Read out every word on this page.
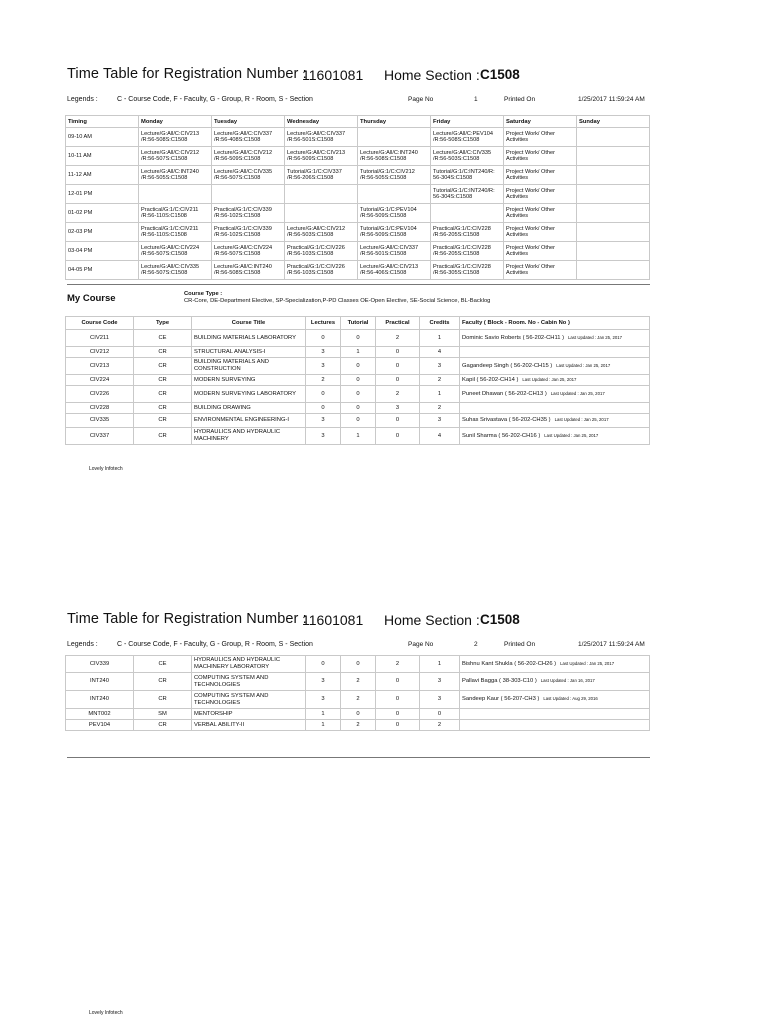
Time Table for Registration Number :
11601081 Home Section : C1508
Legends :	C - Course Code, F - Faculty, G - Group, R - Room, S - Section	Page No	1	Printed On	1/25/2017 11:59:24 AM
Timing	Monday	Tuesday	Wednesday	Thursday	Friday	Saturday	Sunday
09-10 AM	Lecture/G:All/C:CIV213 /R:56-508S:C1508	Lecture/G:All/C:CIV337 /R:56-408S:C1508	Lecture/G:All/C:CIV337 /R:56-501S:C1508		Lecture/G:All/C:PEV104 /R:56-508S:C1508	Project Work/ Other Activities	
10-11 AM	Lecture/G:All/C:CIV212 /R:56-507S:C1508	Lecture/G:All/C:CIV212 /R:56-509S:C1508	Lecture/G:All/C:CIV213 /R:56-509S:C1508	Lecture/G:All/C:INT240 /R:56-508S:C1508	Lecture/G:All/C:CIV335 /R:56-503S:C1508	Project Work/ Other Activities	
11-12 AM	Lecture/G:All/C:INT240 /R:56-505S:C1508	Lecture/G:All/C:CIV335 /R:56-507S:C1508	Tutorial/G:1/C:CIV337 /R:56-206S:C1508	Tutorial/G:1/C:CIV212 /R:56-505S:C1508	Tutorial/G:1/C:INT240/R: 56-304S:C1508	Project Work/ Other Activities	
12-01 PM					Tutorial/G:1/C:INT240/R: 56-304S:C1508	Project Work/ Other Activities	
01-02 PM	Practical/G:1/C:CIV211 /R:56-110S:C1508	Practical/G:1/C:CIV339 /R:56-102S:C1508		Tutorial/G:1/C:PEV104 /R:56-509S:C1508		Project Work/ Other Activities	
02-03 PM	Practical/G:1/C:CIV211 /R:56-110S:C1508	Practical/G:1/C:CIV339 /R:56-102S:C1508	Lecture/G:All/C:CIV212 /R:56-503S:C1508	Tutorial/G:1/C:PEV104 /R:56-509S:C1508	Practical/G:1/C:CIV228 /R:56-205S:C1508	Project Work/ Other Activities	
03-04 PM	Lecture/G:All/C:CIV224 /R:56-507S:C1508	Lecture/G:All/C:CIV224 /R:56-507S:C1508	Practical/G:1/C:CIV226 /R:56-103S:C1508	Lecture/G:All/C:CIV337 /R:56-501S:C1508	Practical/G:1/C:CIV228 /R:56-205S:C1508	Project Work/ Other Activities	
04-05 PM	Lecture/G:All/C:CIV335 /R:56-507S:C1508	Lecture/G:All/C:INT240 /R:56-508S:C1508	Practical/G:1/C:CIV226 /R:56-103S:C1508	Lecture/G:All/C:CIV213 /R:56-406S:C1508	Practical/G:1/C:CIV228 /R:56-305S:C1508	Project Work/ Other Activities	
My Course	Course Type :
CR-Core, DE-Department Elective, SP-Specialization,P-PD Classes OE-Open Elective, SE-Social Science, BL-Backlog
Course Code	Type	Course Title	Lectures	Tutorial	Practical	Credits	Faculty ( Block - Room. No - Cabin No )
CIV211	CE	BUILDING MATERIALS LABORATORY	0	0	2	1	Dominic Savio Roberts ( 56-202-CH11 ) Last Updated : Jan 25, 2017
CIV212	CR	STRUCTURAL ANALYSIS-I	3	1	0	4	
CIV213	CR	BUILDING MATERIALS AND CONSTRUCTION	3	0	0	3	Gagandeep Singh ( 56-202-CH15 ) Last Updated : Jan 25, 2017
CIV224	CR	MODERN SURVEYING	2	0	0	2	Kapil ( 56-202-CH14 ) Last Updated : Jan 25, 2017
CIV226	CR	MODERN SURVEYING LABORATORY	0	0	2	1	Puneet Dhawan ( 56-202-CH13 ) Last Updated : Jan 25, 2017
CIV228	CR	BUILDING DRAWING	0	0	3	2	
CIV335	CR	ENVIRONMENTAL ENGINEERING-I	3	0	0	3	Suhas Srivastava ( 56-202-CH35 ) Last Updated : Jan 25, 2017
CIV337	CR	HYDRAULICS AND HYDRAULIC MACHINERY	3	1	0	4	Sunil Sharma ( 56-202-CH16 ) Last Updated : Jan 25, 2017
Lovely Infotech
Time Table for Registration Number :
11601081 Home Section : C1508
Legends :	C - Course Code, F - Faculty, G - Group, R - Room, S - Section	Page No	2	Printed On	1/25/2017 11:59:24 AM
CIV339	CE	HYDRAULICS AND HYDRAULIC MACHINERY LABORATORY	0	0	2	1	Bishnu Kant Shukla ( 56-202-CH26 ) Last Updated : Jan 25, 2017
INT240	CR	COMPUTING SYSTEM AND TECHNOLOGIES	3	2	0	3	Pallavi Bagga ( 38-303-C10 ) Last Updated : Jan 16, 2017
INT240	CR	COMPUTING SYSTEM AND TECHNOLOGIES	3	2	0	3	Sandeep Kaur ( 56-207-CH3 ) Last Updated : Aug 29, 2016
MNT002	SM	MENTORSHIP	1	0	0	0	
PEV104	CR	VERBAL ABILITY-II	1	2	0	2	
Lovely Infotech
